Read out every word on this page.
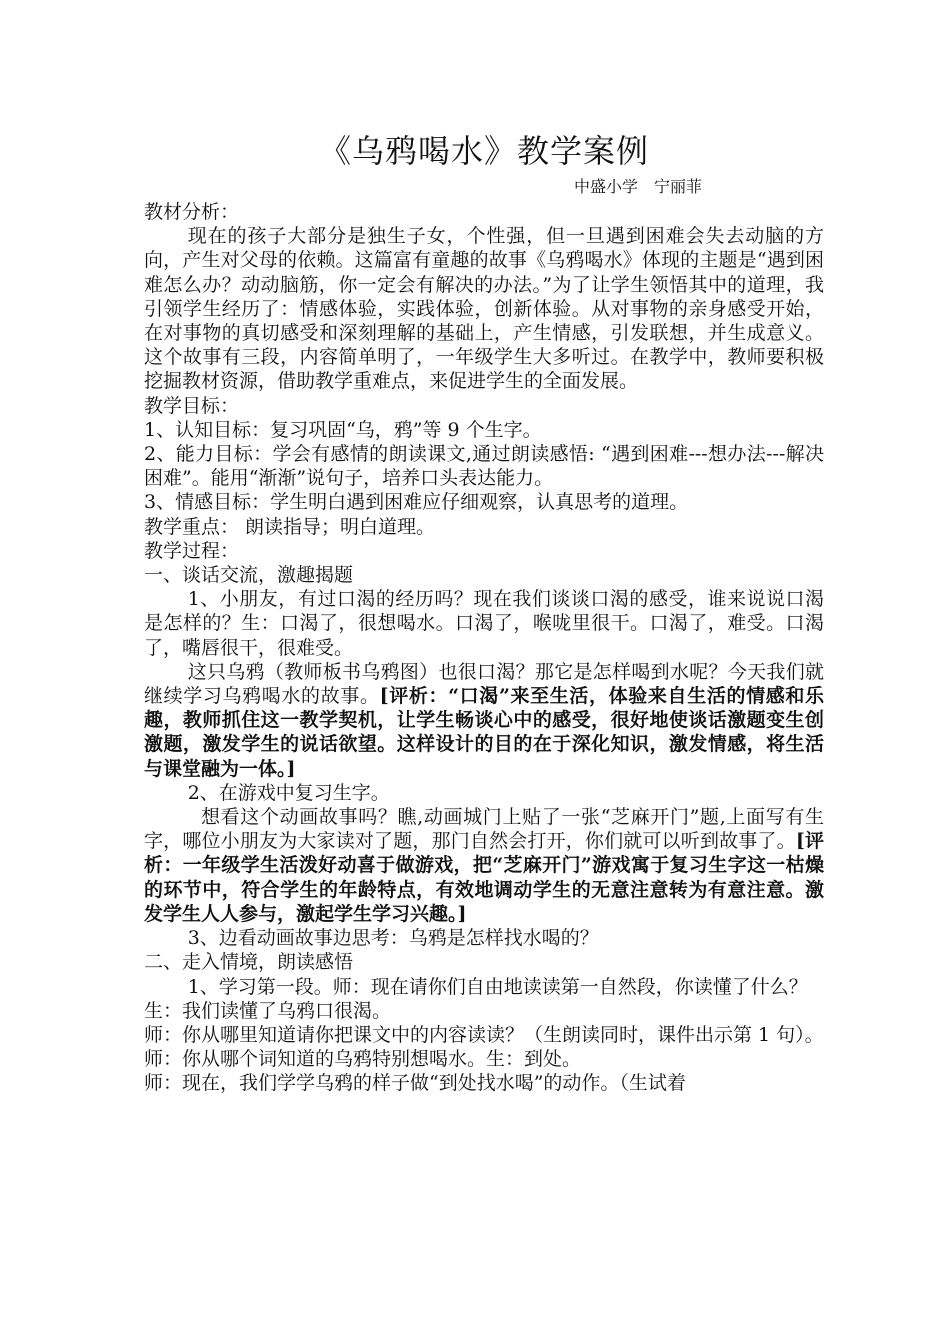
《乌鸦喝水》教学案例
中盛小学　宁丽菲

教材分析：

现在的孩子大部分是独生子女，个性强，但一旦遇到困难会失去动脑的方向，产生对父母的依赖。这篇富有童趣的故事《乌鸦喝水》体现的主题是“遇到困难怎么办？动动脑筋，你一定会有解决的办法。”为了让学生领悟其中的道理，我引领学生经历了：情感体验，实践体验，创新体验。从对事物的亲身感受开始，在对事物的真切感受和深刻理解的基础上，产生情感，引发联想，并生成意义。这个故事有三段，内容简单明了，一年级学生大多听过。在教学中，教师要积极挖掘教材资源，借助教学重难点，来促进学生的全面发展。

教学目标：

1、认知目标：复习巩固“乌，鸦”等 9 个生字。

2、能力目标：学会有感情的朗读课文,通过朗读感悟: “遇到困难---想办法---解决困难”。能用“渐渐”说句子，培养口头表达能力。

3、情感目标：学生明白遇到困难应仔细观察，认真思考的道理。

教学重点： 朗读指导；明白道理。

教学过程：

一、谈话交流，激趣揭题

1、小朋友，有过口渴的经历吗？现在我们谈谈口渴的感受，谁来说说口渴是怎样的？生：口渴了，很想喝水。口渴了，喉咙里很干。口渴了，难受。口渴了，嘴唇很干，很难受。

这只乌鸦（教师板书乌鸦图）也很口渴？那它是怎样喝到水呢？今天我们就继续学习乌鸦喝水的故事。[评析：“口渴”来至生活，体验来自生活的情感和乐趣，教师抓住这一教学契机，让学生畅谈心中的感受，很好地使谈话激题变生创激题，激发学生的说话欲望。这样设计的目的在于深化知识，激发情感，将生活与课堂融为一体。]

2、在游戏中复习生字。

想看这个动画故事吗？瞧,动画城门上贴了一张“芝麻开门”题,上面写有生字，哪位小朋友为大家读对了题，那门自然会打开，你们就可以听到故事了。[评析：一年级学生活泼好动喜于做游戏，把“芝麻开门”游戏寓于复习生字这一枯燥的环节中，符合学生的年龄特点，有效地调动学生的无意注意转为有意注意。激发学生人人参与，激起学生学习兴趣。]

3、边看动画故事边思考：乌鸦是怎样找水喝的？

二、走入情境，朗读感悟

1、学习第一段。师：现在请你们自由地读读第一自然段，你读懂了什么？

生：我们读懂了乌鸦口很渴。

师：你从哪里知道请你把课文中的内容读读？（生朗读同时，课件出示第 1 句）。

师：你从哪个词知道的乌鸦特别想喝水。生：到处。

师：现在，我们学学乌鸦的样子做“到处找水喝”的动作。（生试着
